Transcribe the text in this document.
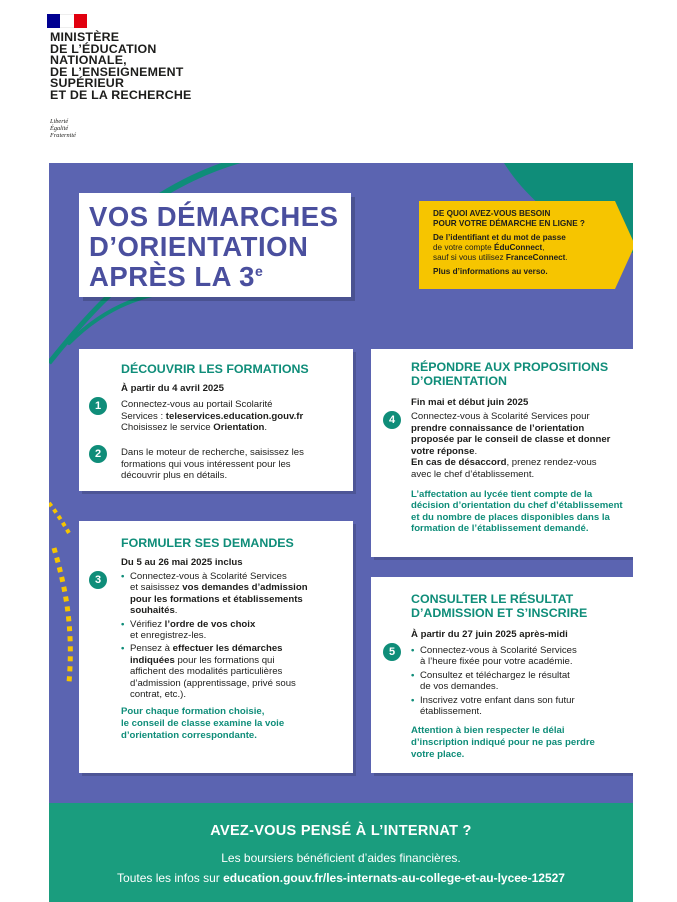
MINISTÈRE
DE L’ÉDUCATION
NATIONALE,
DE L’ENSEIGNEMENT
SUPÉRIEUR
ET DE LA RECHERCHE
Liberté
Égalité
Fraternité
VOS DÉMARCHES
D’ORIENTATION
APRÈS LA 3e
DE QUOI AVEZ-VOUS BESOIN
POUR VOTRE DÉMARCHE EN LIGNE ?
De l’identifiant et du mot de passe
de votre compte ÉduConnect,
sauf si vous utilisez FranceConnect.
Plus d’informations au verso.
DÉCOUVRIR LES FORMATIONS
À partir du 4 avril 2025
1	Connectez-vous au portail Scolarité

Services : teleservices.education.gouv.fr

Choisissez le service Orientation.

2	Dans le moteur de recherche, saisissez les

formations qui vous intéressent pour les

découvrir plus en détails.

FORMULER SES DEMANDES
Du 5 au 26 mai 2025 inclus
3	• Connectez-vous à Scolarité Services
et saisissez vos demandes d’admission
pour les formations et établissements
souhaités.
• Vérifiez l’ordre de vos choix
et enregistrez-les.
• Pensez à effectuer les démarches
indiquées pour les formations qui
affichent des modalités particulières
d’admission (apprentissage, privé sous
contrat, etc.).
Pour chaque formation choisie,
le conseil de classe examine la voie
d’orientation correspondante.
RÉPONDRE AUX PROPOSITIONS
D’ORIENTATION
Fin mai et début juin 2025
4	Connectez-vous à Scolarité Services pour

prendre connaissance de l’orientation

proposée par le conseil de classe et donner

votre réponse.

En cas de désaccord, prenez rendez-vous

avec le chef d’établissement.

L’affectation au lycée tient compte de la
décision d’orientation du chef d’établissement
et du nombre de places disponibles dans la
formation de l’établissement demandé.
CONSULTER LE RÉSULTAT
D’ADMISSION ET S’INSCRIRE
À partir du 27 juin 2025 après-midi
5	• Connectez-vous à Scolarité Services
à l’heure fixée pour votre académie.
• Consultez et téléchargez le résultat
de vos demandes.
• Inscrivez votre enfant dans son futur
établissement.
Attention à bien respecter le délai
d’inscription indiqué pour ne pas perdre
votre place.
AVEZ-VOUS PENSÉ À L’INTERNAT ?
Les boursiers bénéficient d’aides financières.
Toutes les infos sur education.gouv.fr/les-internats-au-college-et-au-lycee-12527
